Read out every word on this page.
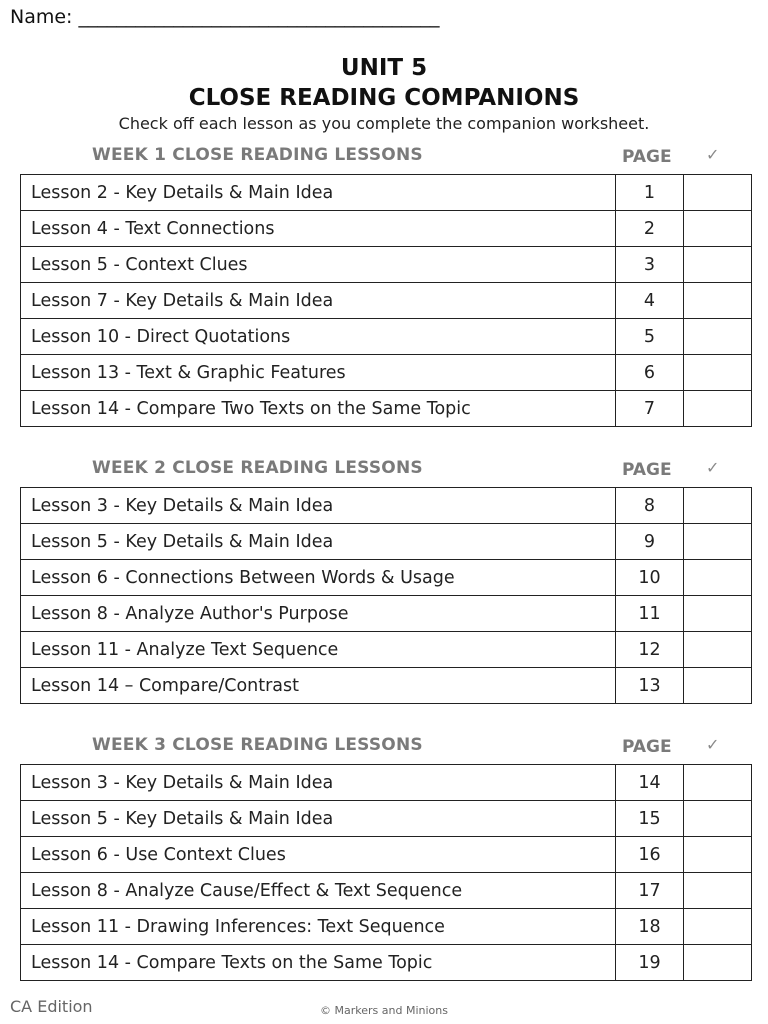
Name: ______________________________________
UNIT 5
CLOSE READING COMPANIONS
Check off each lesson as you complete the companion worksheet.
WEEK 1 CLOSE READING LESSONS	PAGE ✓
Lesson 2 - Key Details & Main Idea	1	
Lesson 4 - Text Connections	2	
Lesson 5 - Context Clues	3	
Lesson 7 - Key Details & Main Idea	4	
Lesson 10 - Direct Quotations	5	
Lesson 13 - Text & Graphic Features	6	
Lesson 14 - Compare Two Texts on the Same Topic	7	
WEEK 2 CLOSE READING LESSONS	PAGE ✓
Lesson 3 - Key Details & Main Idea	8	
Lesson 5 - Key Details & Main Idea	9	
Lesson 6 - Connections Between Words & Usage	10	
Lesson 8 - Analyze Author's Purpose	11	
Lesson 11 - Analyze Text Sequence	12	
Lesson 14 – Compare/Contrast	13	
WEEK 3 CLOSE READING LESSONS	PAGE ✓
Lesson 3 - Key Details & Main Idea	14	
Lesson 5 - Key Details & Main Idea	15	
Lesson 6 - Use Context Clues	16	
Lesson 8 - Analyze Cause/Effect & Text Sequence	17	
Lesson 11 - Drawing Inferences: Text Sequence	18	
Lesson 14 - Compare Texts on the Same Topic	19	
CA Edition	© Markers and Minions
